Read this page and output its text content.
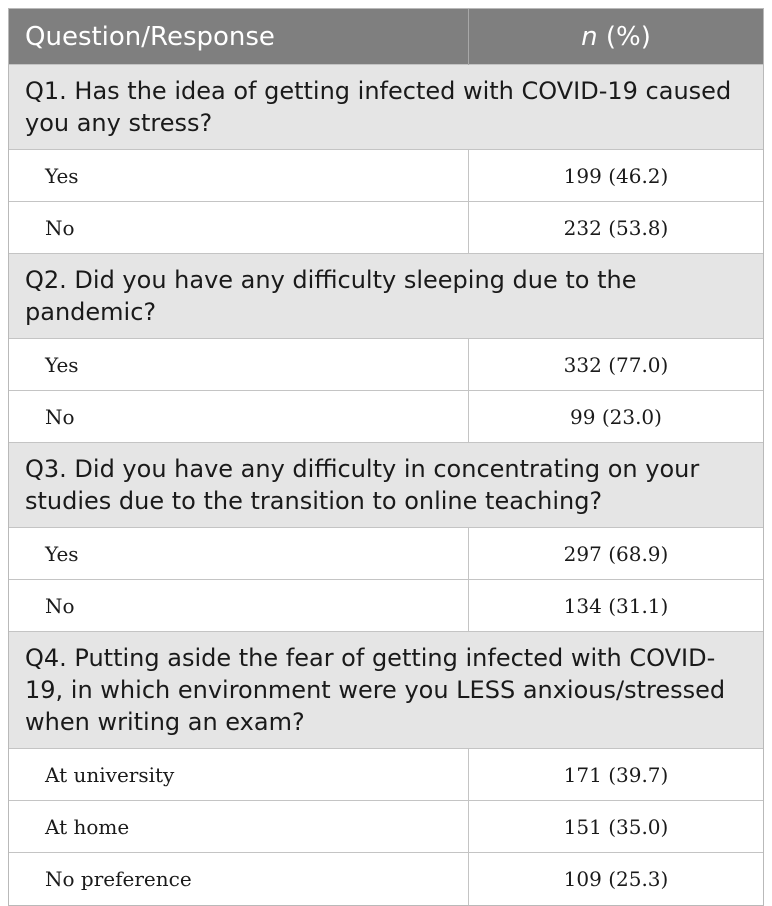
Question/Response	n (%)
Q1. Has the idea of getting infected with COVID-19 caused you any stress?
Yes	199 (46.2)
No	232 (53.8)
Q2. Did you have any difficulty sleeping due to the pandemic?
Yes	332 (77.0)
No	99 (23.0)
Q3. Did you have any difficulty in concentrating on your studies due to the transition to online teaching?
Yes	297 (68.9)
No	134 (31.1)
Q4. Putting aside the fear of getting infected with COVID-19, in which environment were you LESS anxious/stressed when writing an exam?
At university	171 (39.7)
At home	151 (35.0)
No preference	109 (25.3)
